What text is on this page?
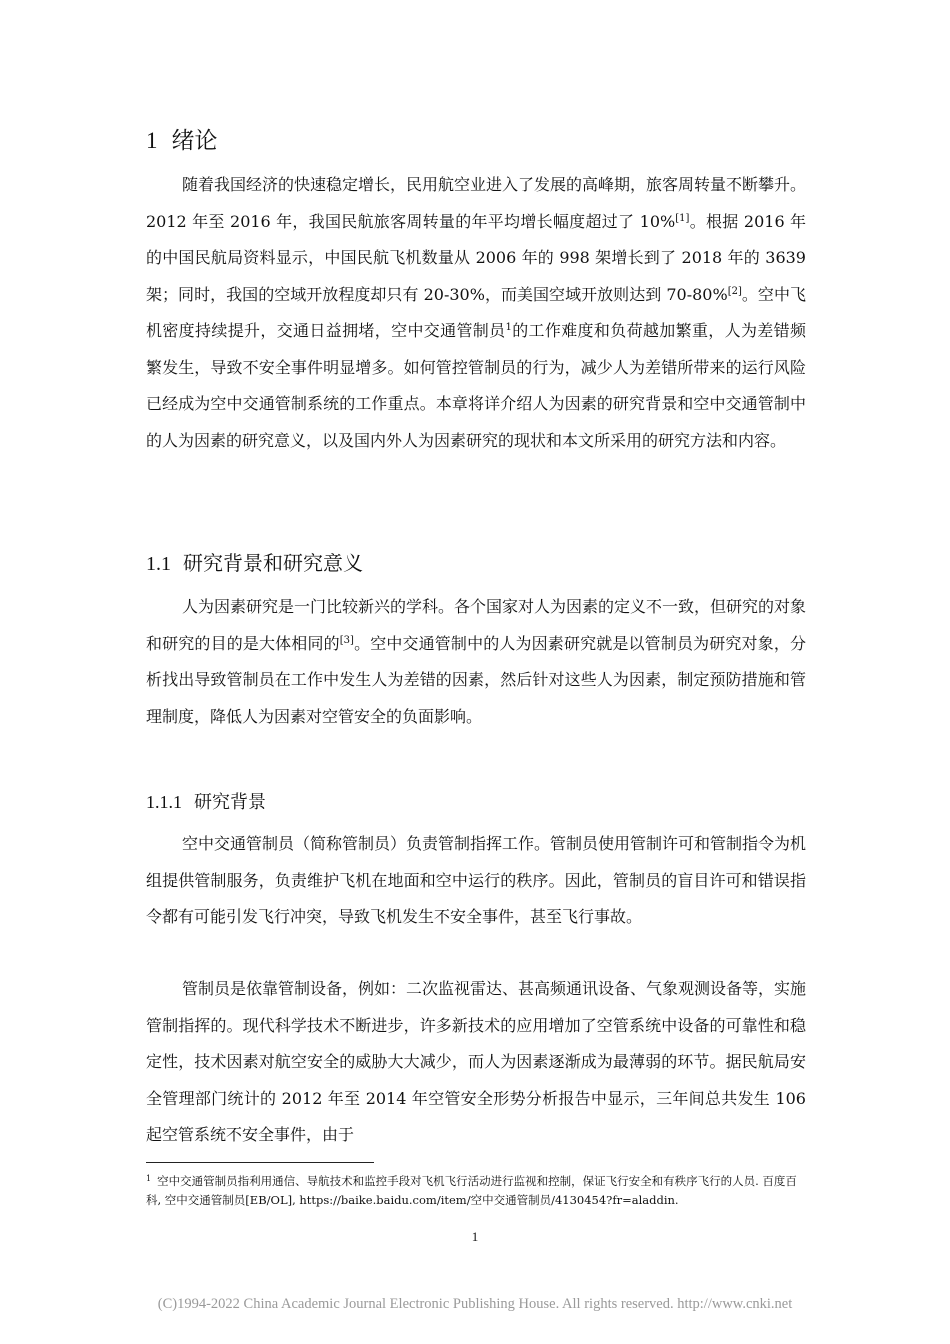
1 绪论

随着我国经济的快速稳定增长，民用航空业进入了发展的高峰期，旅客周转量不断攀升。2012 年至 2016 年，我国民航旅客周转量的年平均增长幅度超过了 10%[1]。根据 2016 年的中国民航局资料显示，中国民航飞机数量从 2006 年的 998 架增长到了 2018 年的 3639 架；同时，我国的空域开放程度却只有 20-30%，而美国空域开放则达到 70-80%[2]。空中飞机密度持续提升，交通日益拥堵，空中交通管制员$^1$的工作难度和负荷越加繁重，人为差错频繁发生，导致不安全事件明显增多。如何管控管制员的行为，减少人为差错所带来的运行风险已经成为空中交通管制系统的工作重点。本章将详介绍人为因素的研究背景和空中交通管制中的人为因素的研究意义，以及国内外人为因素研究的现状和本文所采用的研究方法和内容。

1.1 研究背景和研究意义

人为因素研究是一门比较新兴的学科。各个国家对人为因素的定义不一致，但研究的对象和研究的目的是大体相同的[3]。空中交通管制中的人为因素研究就是以管制员为研究对象，分析找出导致管制员在工作中发生人为差错的因素，然后针对这些人为因素，制定预防措施和管理制度，降低人为因素对空管安全的负面影响。

1.1.1 研究背景

空中交通管制员（简称管制员）负责管制指挥工作。管制员使用管制许可和管制指令为机组提供管制服务，负责维护飞机在地面和空中运行的秩序。因此，管制员的盲目许可和错误指令都有可能引发飞行冲突，导致飞机发生不安全事件，甚至飞行事故。

管制员是依靠管制设备，例如：二次监视雷达、甚高频通讯设备、气象观测设备等，实施管制指挥的。现代科学技术不断进步，许多新技术的应用增加了空管系统中设备的可靠性和稳定性，技术因素对航空安全的威胁大大减少，而人为因素逐渐成为最薄弱的环节。据民航局安全管理部门统计的 2012 年至 2014 年空管安全形势分析报告中显示，三年间总共发生 106 起空管系统不安全事件，由于

$^1$ 空中交通管制员指利用通信、导航技术和监控手段对飞机飞行活动进行监视和控制，保证飞行安全和有秩序飞行的人员. 百度百科, 空中交通管制员[EB/OL], https://baike.baidu.com/item/空中交通管制员/4130454?fr=aladdin.

1
(C)1994-2022 China Academic Journal Electronic Publishing House. All rights reserved. http://www.cnki.net
